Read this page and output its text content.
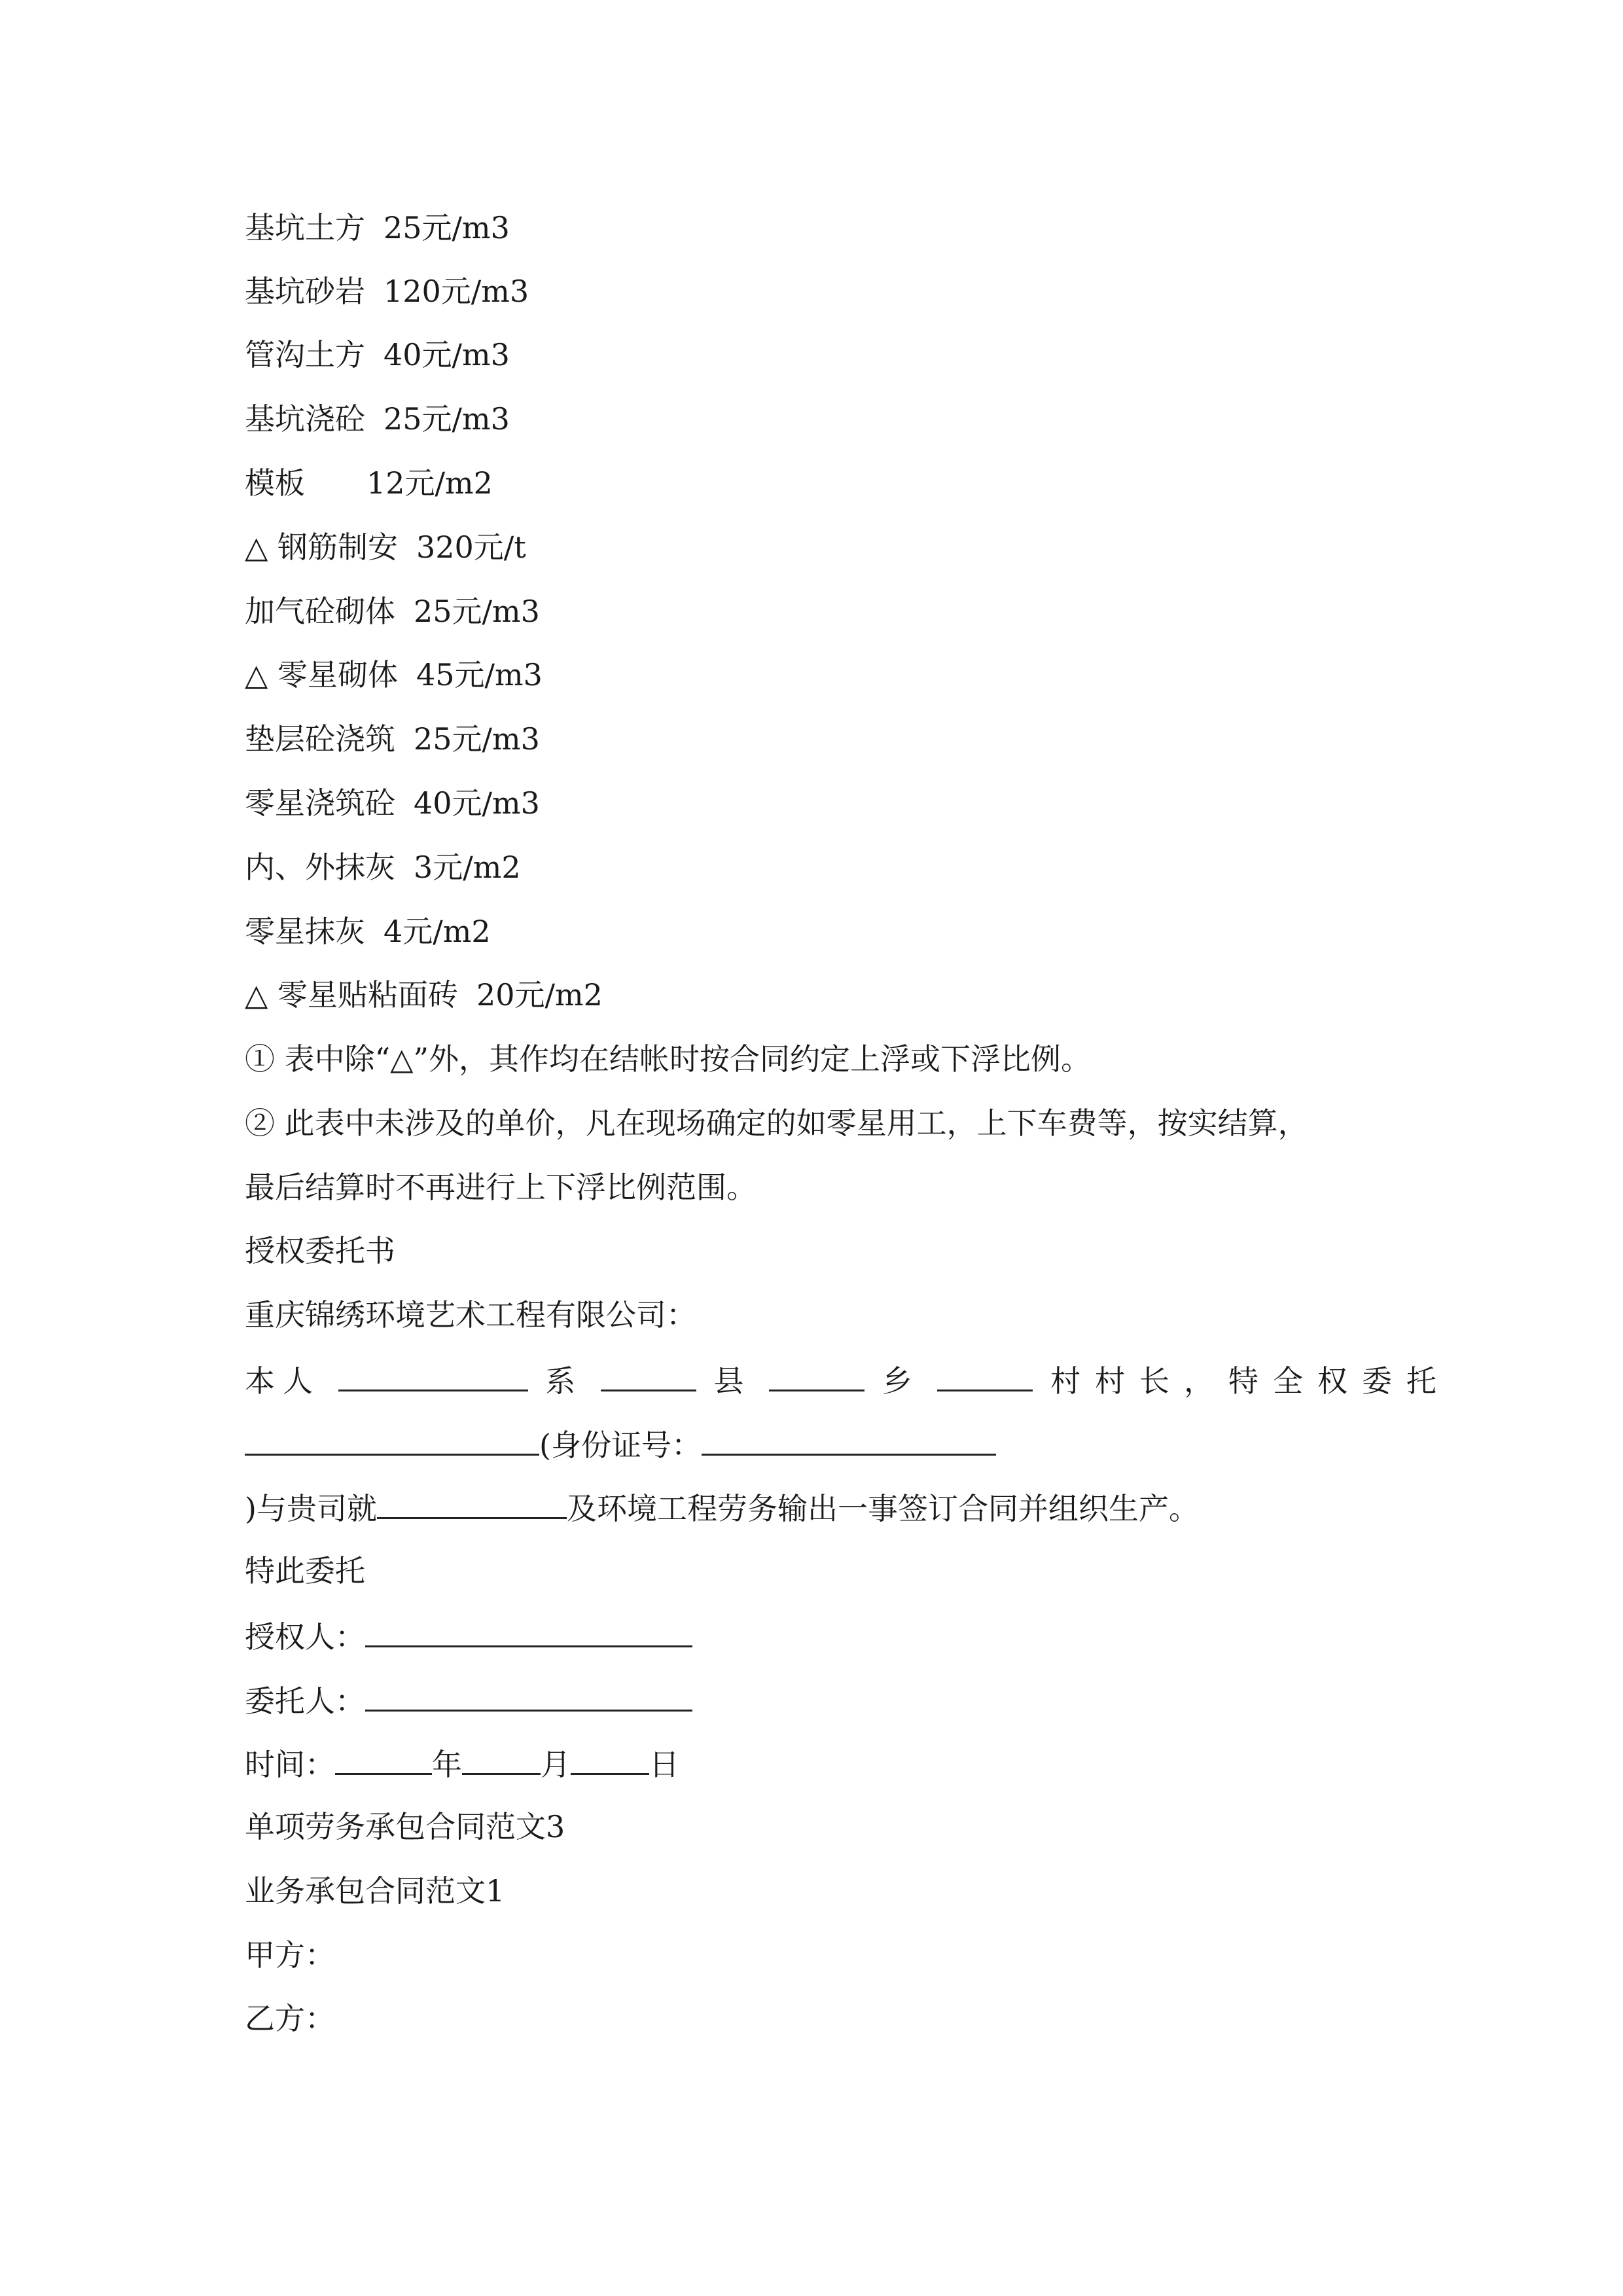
基坑土方 25元/m3
基坑砂岩 120元/m3
管沟土方 40元/m3
基坑浇砼 25元/m3
模板 12元/m2
△ 钢筋制安 320元/t
加气砼砌体 25元/m3
△ 零星砌体 45元/m3
垫层砼浇筑 25元/m3
零星浇筑砼 40元/m3
内、外抹灰 3元/m2
零星抹灰 4元/m2
△ 零星贴粘面砖 20元/m2
① 表中除“△”外，其作均在结帐时按合同约定上浮或下浮比例。
② 此表中未涉及的单价，凡在现场确定的如零星用工，上下车费等，按实结算，
最后结算时不再进行上下浮比例范围。
授权委托书
重庆锦绣环境艺术工程有限公司：
本人	系	县	乡	村村长，特全权委托
(身份证号：
)与贵司就	及环境工程劳务输出一事签订合同并组织生产。
特此委托
授权人：
委托人：
时间：	年	月	日
单项劳务承包合同范文3
业务承包合同范文1
甲方：
乙方：
